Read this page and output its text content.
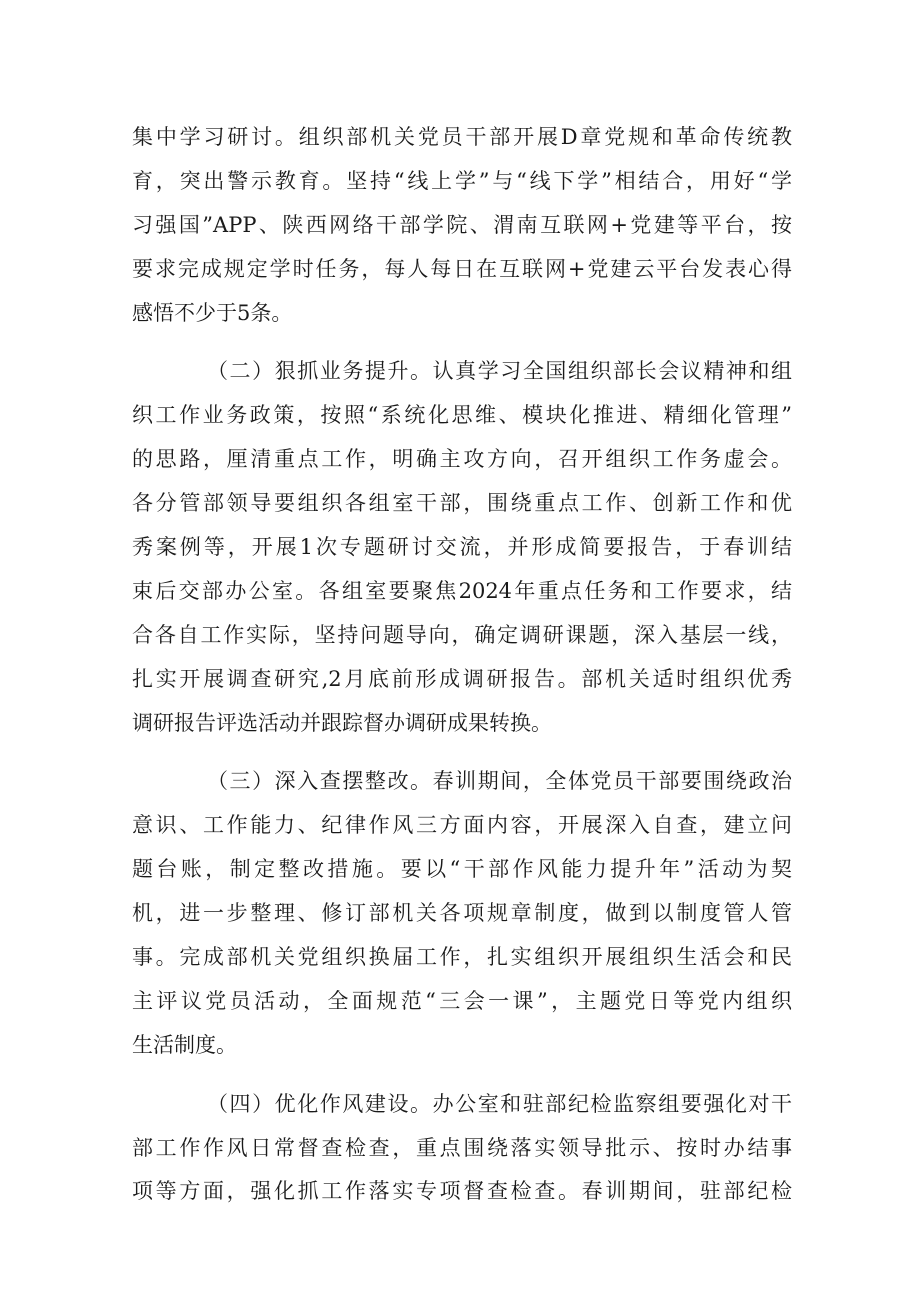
集中学习研讨。组织部机关党员干部开展D章党规和革命传统教
育，突出警示教育。坚持“线上学”与“线下学”相结合，用好“学
习强国”APP、陕西网络干部学院、渭南互联网+党建等平台，按
要求完成规定学时任务，每人每日在互联网+党建云平台发表心得
感悟不少于5条。
（二）狠抓业务提升。认真学习全国组织部长会议精神和组
织工作业务政策，按照“系统化思维、模块化推进、精细化管理”
的思路，厘清重点工作，明确主攻方向，召开组织工作务虚会。
各分管部领导要组织各组室干部，围绕重点工作、创新工作和优
秀案例等，开展1次专题研讨交流，并形成简要报告，于春训结
束后交部办公室。各组室要聚焦2024年重点任务和工作要求，结
合各自工作实际，坚持问题导向，确定调研课题，深入基层一线，
扎实开展调查研究,2月底前形成调研报告。部机关适时组织优秀
调研报告评选活动并跟踪督办调研成果转换。
（三）深入查摆整改。春训期间，全体党员干部要围绕政治
意识、工作能力、纪律作风三方面内容，开展深入自查，建立问
题台账，制定整改措施。要以“干部作风能力提升年”活动为契
机，进一步整理、修订部机关各项规章制度，做到以制度管人管
事。完成部机关党组织换届工作，扎实组织开展组织生活会和民
主评议党员活动，全面规范“三会一课”，主题党日等党内组织
生活制度。
（四）优化作风建设。办公室和驻部纪检监察组要强化对干
部工作作风日常督查检查，重点围绕落实领导批示、按时办结事
项等方面，强化抓工作落实专项督查检查。春训期间，驻部纪检
